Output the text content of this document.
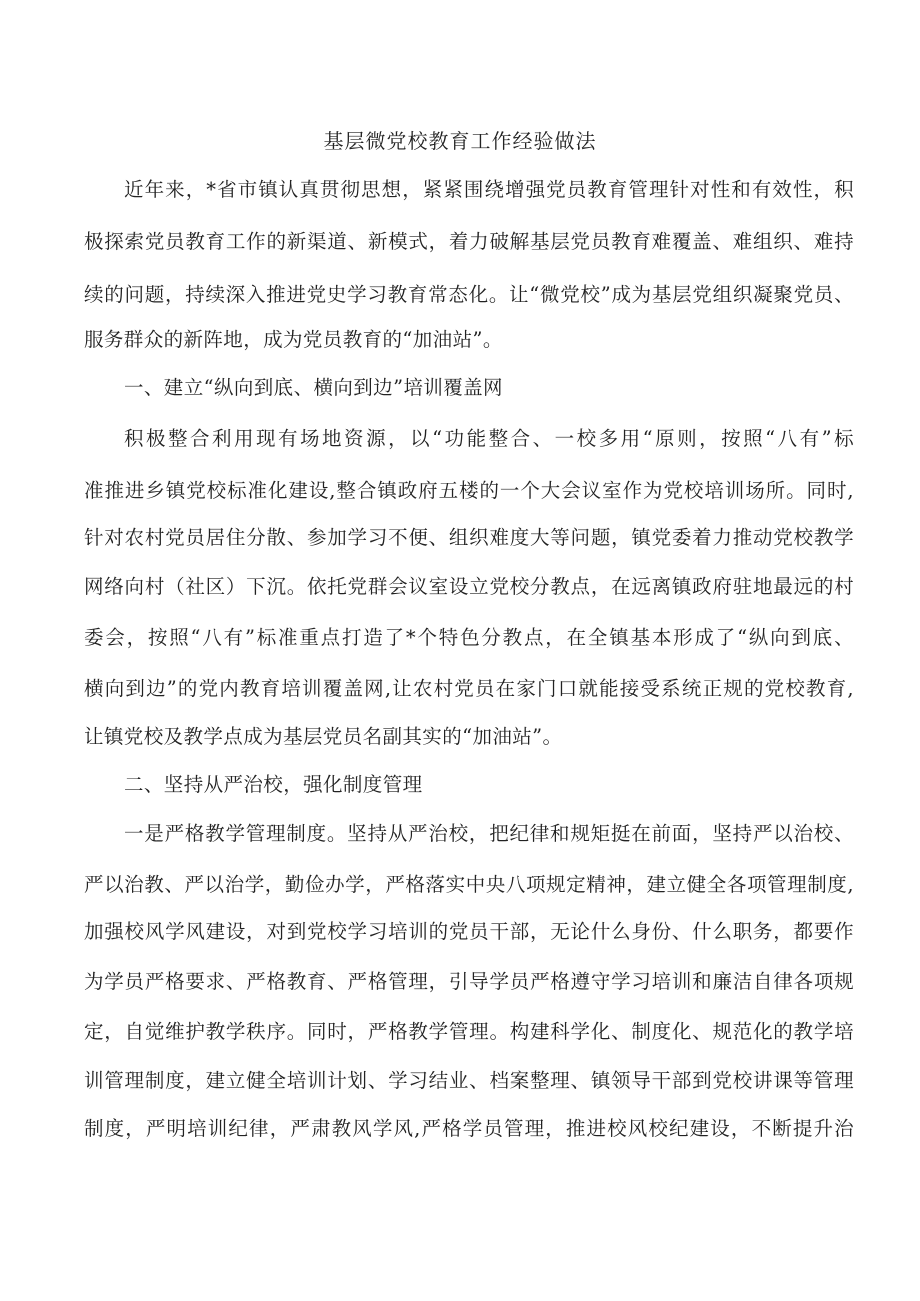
基层微党校教育工作经验做法
近年来，*省市镇认真贯彻思想，紧紧围绕增强党员教育管理针对性和有效性，积
极探索党员教育工作的新渠道、新模式，着力破解基层党员教育难覆盖、难组织、难持
续的问题，持续深入推进党史学习教育常态化。让“微党校”成为基层党组织凝聚党员、
服务群众的新阵地，成为党员教育的“加油站”。
一、建立“纵向到底、横向到边”培训覆盖网
积极整合利用现有场地资源，以“功能整合、一校多用“原则，按照“八有”标
准推进乡镇党校标准化建设,整合镇政府五楼的一个大会议室作为党校培训场所。同时,
针对农村党员居住分散、参加学习不便、组织难度大等问题，镇党委着力推动党校教学
网络向村（社区）下沉。依托党群会议室设立党校分教点，在远离镇政府驻地最远的村
委会，按照“八有”标准重点打造了*个特色分教点，在全镇基本形成了“纵向到底、
横向到边”的党内教育培训覆盖网,让农村党员在家门口就能接受系统正规的党校教育,
让镇党校及教学点成为基层党员名副其实的“加油站”。
二、坚持从严治校，强化制度管理
一是严格教学管理制度。坚持从严治校，把纪律和规矩挺在前面，坚持严以治校、
严以治教、严以治学，勤俭办学，严格落实中央八项规定精神，建立健全各项管理制度,
加强校风学风建设，对到党校学习培训的党员干部，无论什么身份、什么职务，都要作
为学员严格要求、严格教育、严格管理，引导学员严格遵守学习培训和廉洁自律各项规
定，自觉维护教学秩序。同时，严格教学管理。构建科学化、制度化、规范化的教学培
训管理制度，建立健全培训计划、学习结业、档案整理、镇领导干部到党校讲课等管理
制度，严明培训纪律，严肃教风学风,严格学员管理，推进校风校纪建设，不断提升治
